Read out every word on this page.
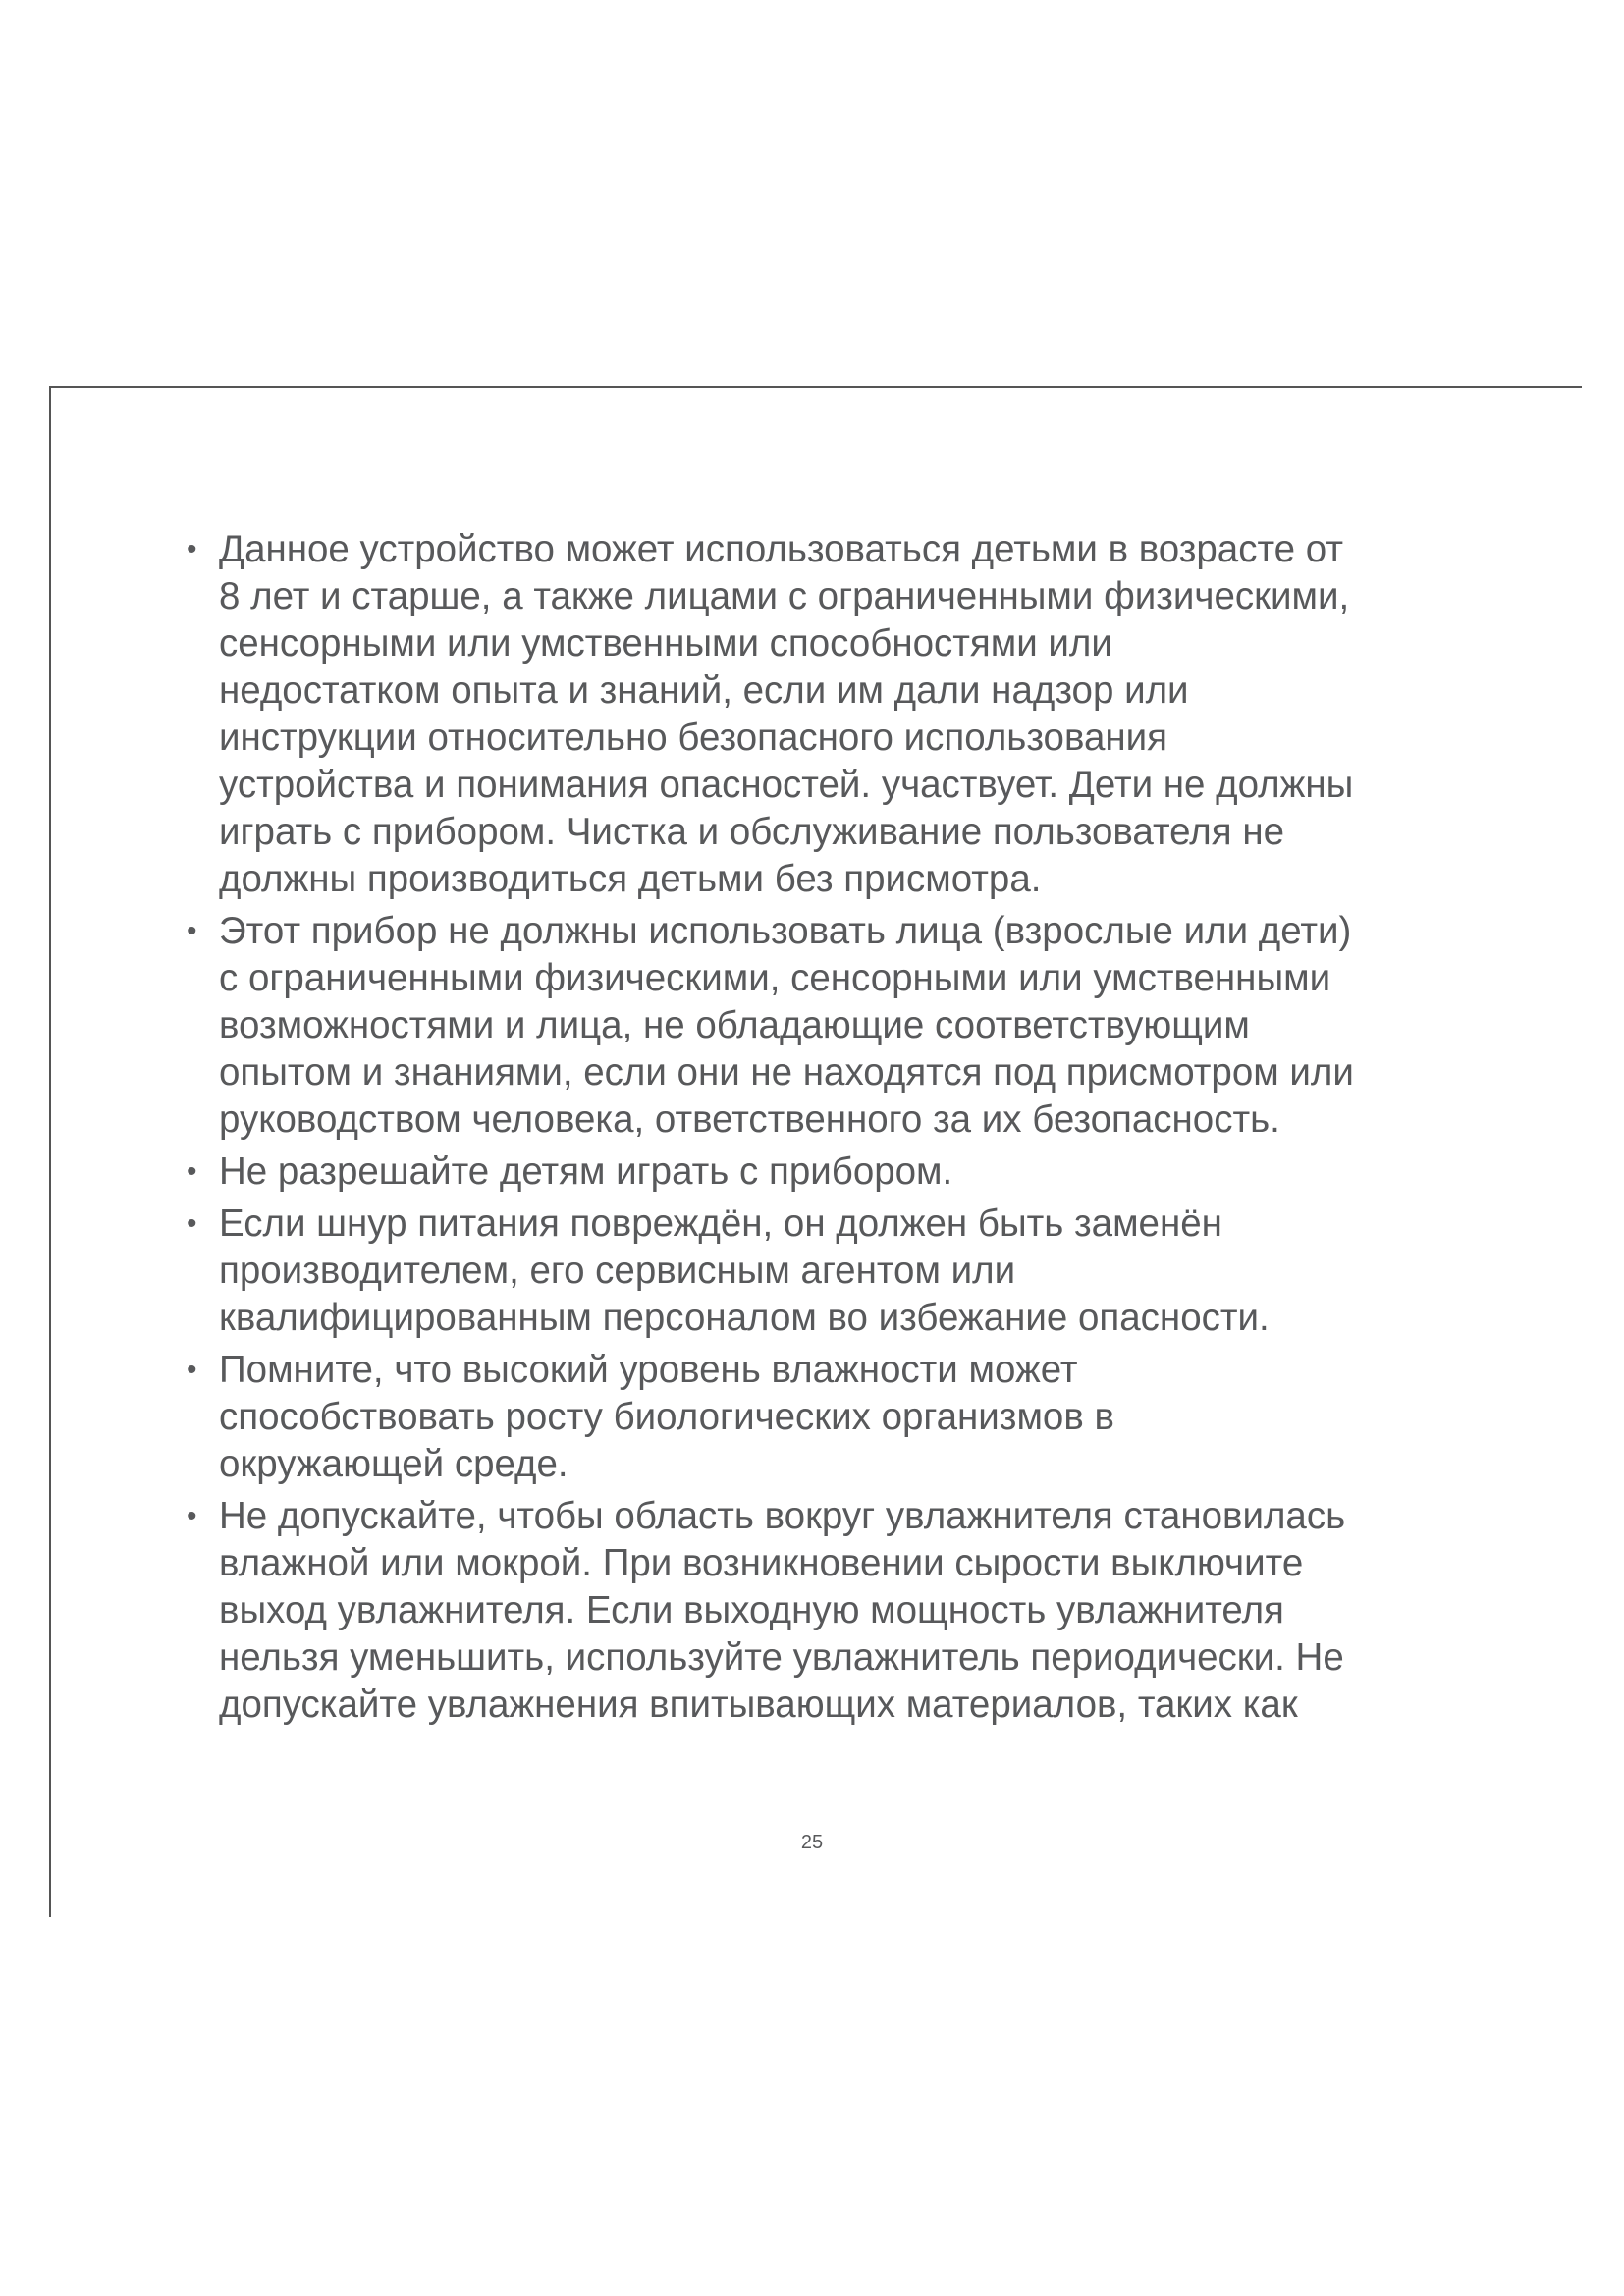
• Данное устройство может использоваться детьми в возрасте от
8 лет и старше, а также лицами с ограниченными физическими,
сенсорными или умственными способностями или
недостатком опыта и знаний, если им дали надзор или
инструкции относительно безопасного использования
устройства и понимания опасностей. участвует. Дети не должны
играть с прибором. Чистка и обслуживание пользователя не
должны производиться детьми без присмотра.
• Этот прибор не должны использовать лица (взрослые или дети)
с ограниченными физическими, сенсорными или умственными
возможностями и лица, не обладающие соответствующим
опытом и знаниями, если они не находятся под присмотром или
руководством человека, ответственного за их безопасность.
• Не разрешайте детям играть с прибором.
• Если шнур питания повреждён, он должен быть заменён
производителем, его сервисным агентом или
квалифицированным персоналом во избежание опасности.
• Помните, что высокий уровень влажности может
способствовать росту биологических организмов в
окружающей среде.
• Не допускайте, чтобы область вокруг увлажнителя становилась
влажной или мокрой. При возникновении сырости выключите
выход увлажнителя. Если выходную мощность увлажнителя
нельзя уменьшить, используйте увлажнитель периодически. Не
допускайте увлажнения впитывающих материалов, таких как
25
